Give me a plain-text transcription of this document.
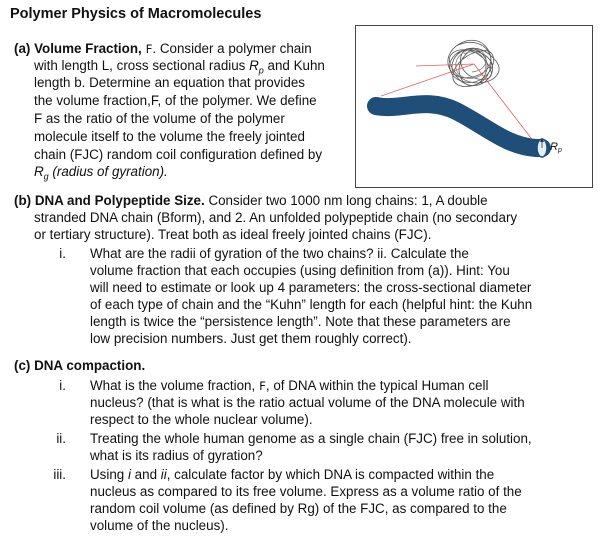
Polymer Physics of Macromolecules
(a) Volume Fraction, F. Consider a polymer chain
with length L, cross sectional radius $R_p$ and Kuhn
length b. Determine an equation that provides
the volume fraction,F, of the polymer. We define
F as the ratio of the volume of the polymer
molecule itself to the volume the freely jointed
chain (FJC) random coil configuration defined by
$R_g$ (radius of gyration).
Rp
(b) DNA and Polypeptide Size. Consider two 1000 nm long chains: 1, A double
stranded DNA chain (Bform), and 2. An unfolded polypeptide chain (no secondary
or tertiary structure). Treat both as ideal freely jointed chains (FJC).
i. What are the radii of gyration of the two chains? ii. Calculate the
volume fraction that each occupies (using definition from (a)). Hint: You
will need to estimate or look up 4 parameters: the cross-sectional diameter
of each type of chain and the “Kuhn” length for each (helpful hint: the Kuhn
length is twice the “persistence length”. Note that these parameters are
low precision numbers. Just get them roughly correct).
(c) DNA compaction.
i. What is the volume fraction, F, of DNA within the typical Human cell
nucleus? (that is what is the ratio actual volume of the DNA molecule with
respect to the whole nuclear volume).
ii. Treating the whole human genome as a single chain (FJC) free in solution,
what is its radius of gyration?
iii. Using i and ii, calculate factor by which DNA is compacted within the
nucleus as compared to its free volume. Express as a volume ratio of the
random coil volume (as defined by Rg) of the FJC, as compared to the
volume of the nucleus).
